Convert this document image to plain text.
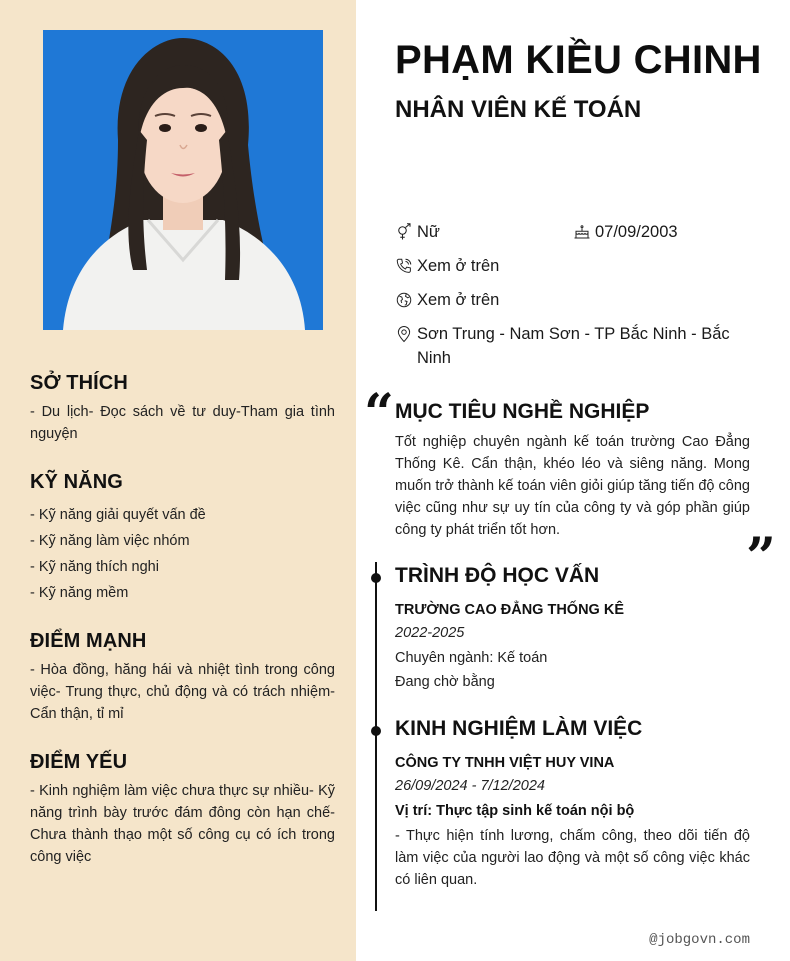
SỞ THÍCH
- Du lịch- Đọc sách về tư duy-Tham gia tình nguyện
KỸ NĂNG
- Kỹ năng giải quyết vấn đề
- Kỹ năng làm việc nhóm
- Kỹ năng thích nghi
- Kỹ năng mềm
ĐIỂM MẠNH
- Hòa đồng, hăng hái và nhiệt tình trong công việc- Trung thực, chủ động và có trách nhiệm- Cẩn thận, tỉ mỉ
ĐIỂM YẾU
- Kinh nghiệm làm việc chưa thực sự nhiều- Kỹ năng trình bày trước đám đông còn hạn chế- Chưa thành thạo một số công cụ có ích trong công việc
PHẠM KIỀU CHINH
NHÂN VIÊN KẾ TOÁN
Nữ	07/09/2003
Xem ở trên
Xem ở trên
Sơn Trung - Nam Sơn - TP Bắc Ninh - Bắc Ninh
“ MỤC TIÊU NGHỀ NGHIỆP
Tốt nghiệp chuyên ngành kế toán trường Cao Đẳng Thống Kê. Cẩn thận, khéo léo và siêng năng. Mong muốn trở thành kế toán viên giỏi giúp tăng tiến độ công việc cũng như sự uy tín của công ty và góp phần giúp công ty phát triển tốt hơn.	”
TRÌNH ĐỘ HỌC VẤN
TRƯỜNG CAO ĐẲNG THỐNG KÊ
2022-2025
Chuyên ngành: Kế toán
Đang chờ bằng
KINH NGHIỆM LÀM VIỆC
CÔNG TY TNHH VIỆT HUY VINA
26/09/2024 - 7/12/2024
Vị trí: Thực tập sinh kế toán nội bộ
- Thực hiện tính lương, chấm công, theo dõi tiến độ làm việc của người lao động và một số công việc khác có liên quan.
@jobgovn.com
